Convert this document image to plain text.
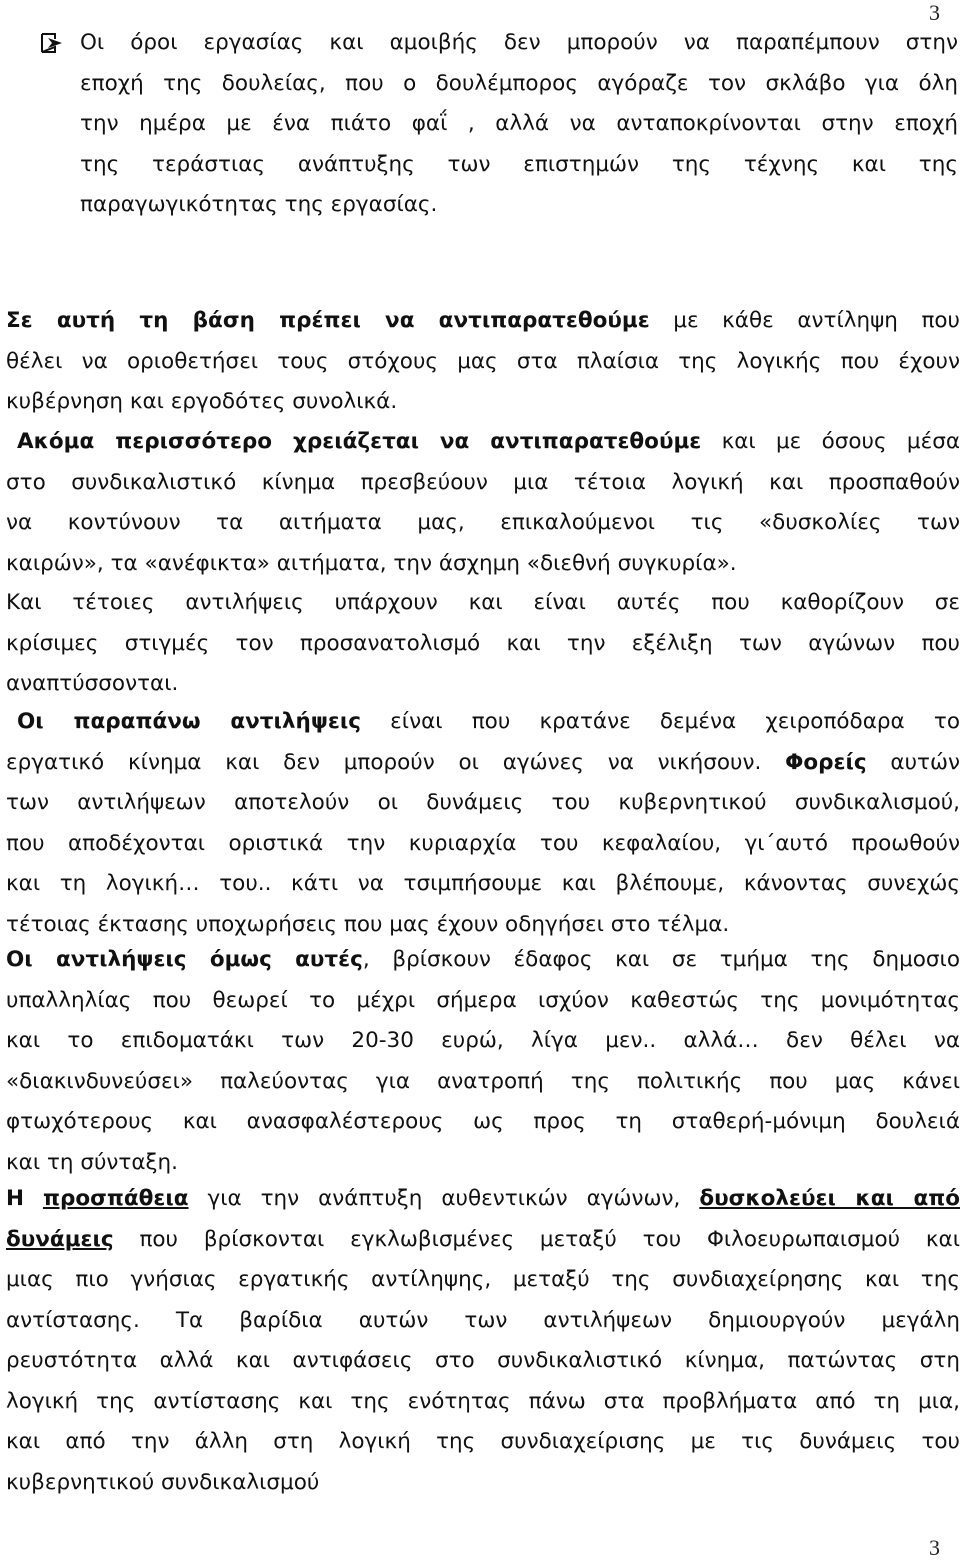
3
Οι όροι εργασίας και αμοιβής δεν μπορούν να παραπέμπουν στην
εποχή της δουλείας, που ο δουλέμπορος αγόραζε τον σκλάβο για όλη
την ημέρα με ένα πιάτο φαΐ , αλλά να ανταποκρίνονται στην εποχή
της τεράστιας ανάπτυξης των επιστημών της τέχνης και της
παραγωγικότητας της εργασίας.
Σε αυτή τη βάση πρέπει να αντιπαρατεθούμε με κάθε αντίληψη που
θέλει να οριοθετήσει τους στόχους μας στα πλαίσια της λογικής που έχουν
κυβέρνηση και εργοδότες συνολικά.
Ακόμα περισσότερο χρειάζεται να αντιπαρατεθούμε και με όσους μέσα
στο συνδικαλιστικό κίνημα πρεσβεύουν μια τέτοια λογική και προσπαθούν
να κοντύνουν τα αιτήματα μας, επικαλούμενοι τις «δυσκολίες των
καιρών», τα «ανέφικτα» αιτήματα, την άσχημη «διεθνή συγκυρία».
Και τέτοιες αντιλήψεις υπάρχουν και είναι αυτές που καθορίζουν σε
κρίσιμες στιγμές τον προσανατολισμό και την εξέλιξη των αγώνων που
αναπτύσσονται.
Οι παραπάνω αντιλήψεις είναι που κρατάνε δεμένα χειροπόδαρα το
εργατικό κίνημα και δεν μπορούν οι αγώνες να νικήσουν. Φορείς αυτών
των αντιλήψεων αποτελούν οι δυνάμεις του κυβερνητικού συνδικαλισμού,
που αποδέχονται οριστικά την κυριαρχία του κεφαλαίου, γι΄αυτό προωθούν
και τη λογική… του.. κάτι να τσιμπήσουμε και βλέπουμε, κάνοντας συνεχώς
τέτοιας έκτασης υποχωρήσεις που μας έχουν οδηγήσει στο τέλμα.
Οι αντιλήψεις όμως αυτές, βρίσκουν έδαφος και σε τμήμα της δημοσιο
υπαλληλίας που θεωρεί το μέχρι σήμερα ισχύον καθεστώς της μονιμότητας
και το επιδοματάκι των 20-30 ευρώ, λίγα μεν.. αλλά… δεν θέλει να
«διακινδυνεύσει» παλεύοντας για ανατροπή της πολιτικής που μας κάνει
φτωχότερους και ανασφαλέστερους ως προς τη σταθερή-μόνιμη δουλειά
και τη σύνταξη.
Η προσπάθεια για την ανάπτυξη αυθεντικών αγώνων, δυσκολεύει και από
δυνάμεις που βρίσκονται εγκλωβισμένες μεταξύ του Φιλοευρωπαισμού και
μιας πιο γνήσιας εργατικής αντίληψης, μεταξύ της συνδιαχείρησης και της
αντίστασης. Τα βαρίδια αυτών των αντιλήψεων δημιουργούν μεγάλη
ρευστότητα αλλά και αντιφάσεις στο συνδικαλιστικό κίνημα, πατώντας στη
λογική της αντίστασης και της ενότητας πάνω στα προβλήματα από τη μια,
και από την άλλη στη λογική της συνδιαχείρισης με τις δυνάμεις του
κυβερνητικού συνδικαλισμού
3
